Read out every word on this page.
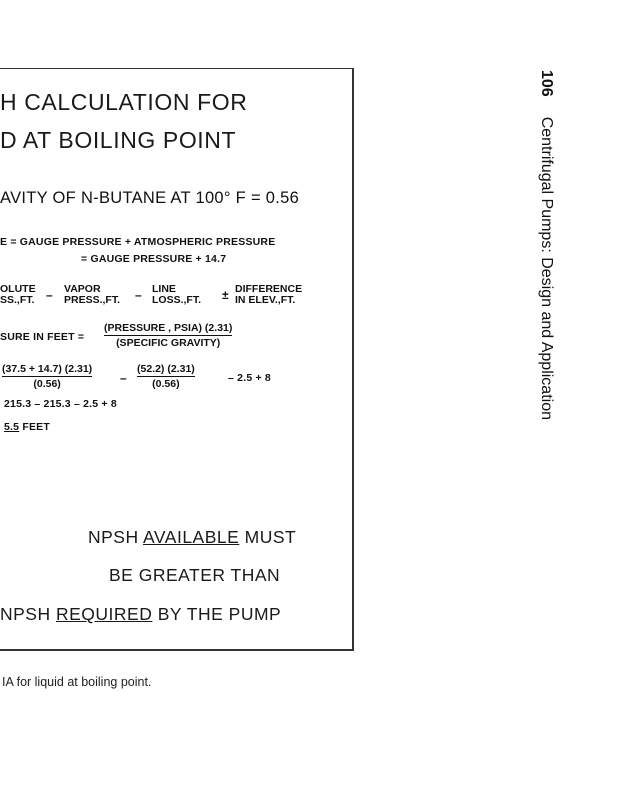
H CALCULATION FOR
D AT BOILING POINT
AVITY OF N-BUTANE AT 100° F = 0.56
E = GAUGE PRESSURE + ATMOSPHERIC PRESSURE
= GAUGE PRESSURE + 14.7
OLUTE
SS.,FT. – VAPOR
PRESS.,FT. – LINE
LOSS.,FT. ± DIFFERENCE
IN ELEV.,FT.
SURE IN FEET =
(PRESSURE , PSIA) (2.31)
(SPECIFIC GRAVITY)
$\frac{(37.5 + 14.7) (2.31)}{(0.56)} - \frac{(52.2) (2.31)}{(0.56)}$	– 2.5 + 8
215.3 – 215.3 – 2.5 + 8
5.5 FEET
NPSH AVAILABLE MUST
BE GREATER THAN
NPSH REQUIRED BY THE PUMP
IA for liquid at boiling point.
106Centrifugal Pumps: Design and Application
